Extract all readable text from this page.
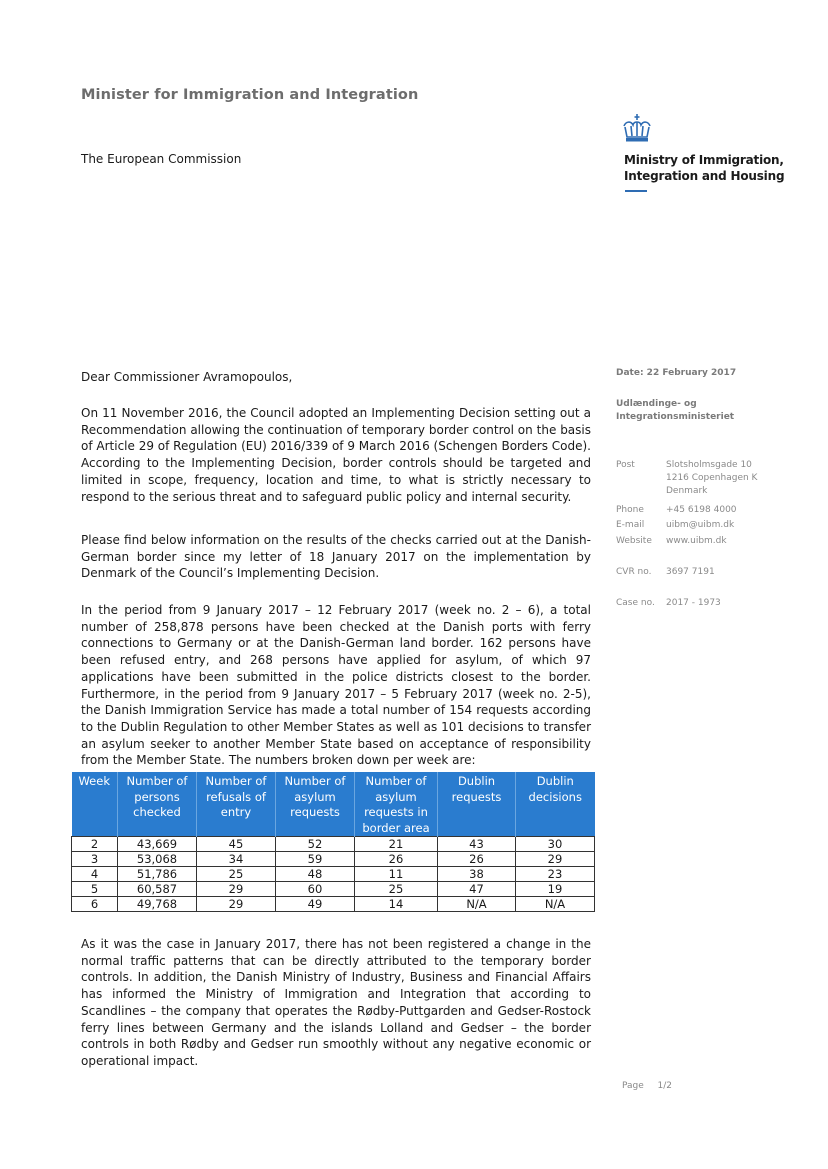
Minister for Immigration and Integration
The European Commission	Ministry of Immigration,
Integration and Housing
Date: 22 February 2017
Udlændinge- og
Integrationsministeriet
Post	Slotsholmsgade 10
1216 Copenhagen K
Denmark
Phone	+45 6198 4000
E-mail	uibm@uibm.dk
Website	www.uibm.dk
CVR no.	3697 7191
Case no.	2017 - 1973
Dear Commissioner Avramopoulos,
On 11 November 2016, the Council adopted an Implementing Decision setting out a Recommendation allowing the continuation of temporary border control on the basis of Article 29 of Regulation (EU) 2016/339 of 9 March 2016 (Schengen Borders Code). According to the Implementing Decision, border controls should be targeted and limited in scope, frequency, location and time, to what is strictly necessary to respond to the serious threat and to safeguard public policy and internal security.
Please find below information on the results of the checks carried out at the Danish-German border since my letter of 18 January 2017 on the implementation by Denmark of the Council’s Implementing Decision.
In the period from 9 January 2017 – 12 February 2017 (week no. 2 – 6), a total number of 258,878 persons have been checked at the Danish ports with ferry connections to Germany or at the Danish-German land border. 162 persons have been refused entry, and 268 persons have applied for asylum, of which 97 applications have been submitted in the police districts closest to the border. Furthermore, in the period from 9 January 2017 – 5 February 2017 (week no. 2-5), the Danish Immigration Service has made a total number of 154 requests according to the Dublin Regulation to other Member States as well as 101 decisions to transfer an asylum seeker to another Member State based on acceptance of responsibility from the Member State. The numbers broken down per week are:
Week	Number of persons checked	Number of refusals of entry	Number of asylum requests	Number of asylum requests in border area	Dublin requests	Dublin decisions
2	43,669	45	52	21	43	30
3	53,068	34	59	26	26	29
4	51,786	25	48	11	38	23
5	60,587	29	60	25	47	19
6	49,768	29	49	14	N/A	N/A
As it was the case in January 2017, there has not been registered a change in the normal traffic patterns that can be directly attributed to the temporary border controls. In addition, the Danish Ministry of Industry, Business and Financial Affairs has informed the Ministry of Immigration and Integration that according to Scandlines – the company that operates the Rødby-Puttgarden and Gedser-Rostock ferry lines between Germany and the islands Lolland and Gedser – the border controls in both Rødby and Gedser run smoothly without any negative economic or operational impact.
Page 1/2
